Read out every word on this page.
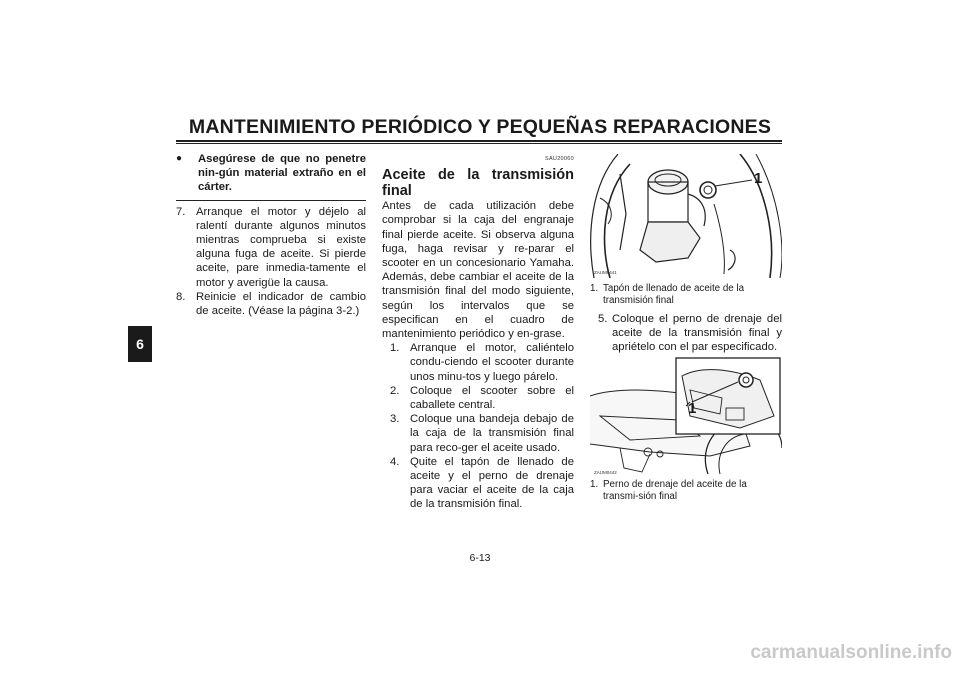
MANTENIMIENTO PERIÓDICO Y PEQUEÑAS REPARACIONES
6
● Asegúrese de que no penetre nin-gún material extraño en el cárter.
7. Arranque el motor y déjelo al ralentí durante algunos minutos mientras comprueba si existe alguna fuga de aceite. Si pierde aceite, pare inmedia-tamente el motor y averigüe la causa.
8. Reinicie el indicador de cambio de aceite. (Véase la página 3-2.)
SAU20060
Aceite de la transmisión final
Antes de cada utilización debe comprobar si la caja del engranaje final pierde aceite. Si observa alguna fuga, haga revisar y re-parar el scooter en un concesionario Yamaha. Además, debe cambiar el aceite de la transmisión final del modo siguiente, según los intervalos que se especifican en el cuadro de mantenimiento periódico y en-grase.
1. Arranque el motor, caliéntelo condu-ciendo el scooter durante unos minu-tos y luego párelo.
2. Coloque el scooter sobre el caballete central.
3. Coloque una bandeja debajo de la caja de la transmisión final para reco-ger el aceite usado.
4. Quite el tapón de llenado de aceite y el perno de drenaje para vaciar el aceite de la caja de la transmisión final.
1
ZAUM0441
1. Tapón de llenado de aceite de la transmisión final
5. Coloque el perno de drenaje del aceite de la transmisión final y apriételo con el par especificado.
1
ZAUM0442
1. Perno de drenaje del aceite de la transmi-sión final
6-13
carmanualsonline.info
